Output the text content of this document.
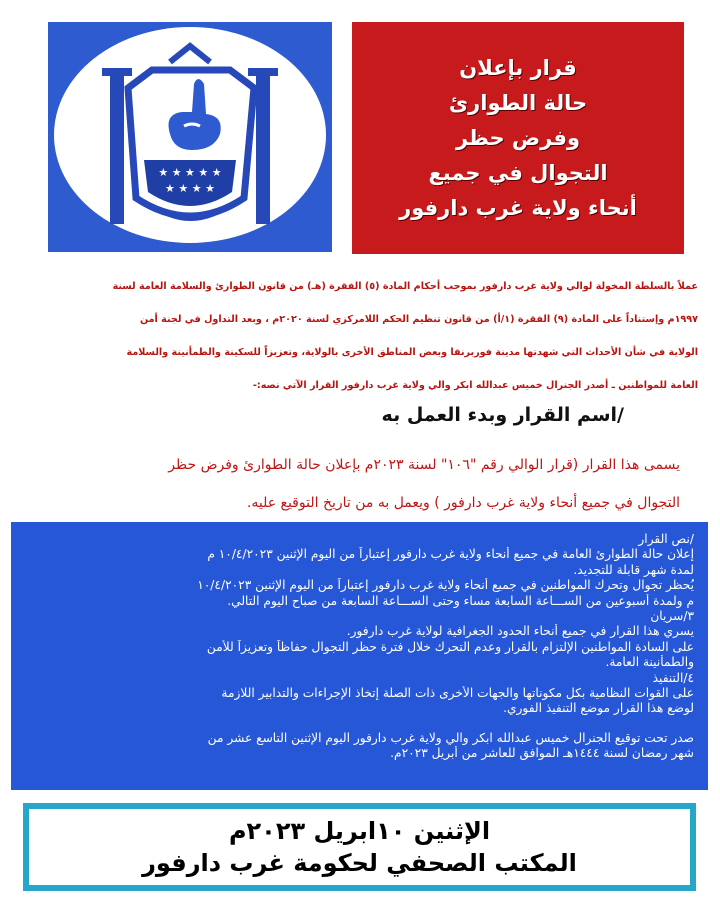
★ ★ ★ ★ ★
★ ★ ★ ★
قرار بإعلان
حالة الطوارئ
وفرض حظر
التجوال في جميع
أنحاء ولاية غرب دارفور
عملاً بالسلطة المخولة لوالي ولاية غرب دارفور بموجب أحكام المادة (٥) الفقرة (هـ) من قانون الطوارئ والسلامة العامة لسنة
١٩٩٧م وإستناداً على المادة (٩) الفقرة (١/أ) من قانون تنظيم الحكم اللامركزي لسنة ٢٠٢٠م ، وبعد التداول في لجنة أمن
الولاية في شأن الأحداث التي شهدتها مدينة فوربرنقا وبعض المناطق الأخرى بالولاية، وتعزيزاً للسكينة والطمأنينة والسلامة
العامة للمواطنين ـ أصدر الجنرال خميس عبدالله ابكر والي ولاية غرب دارفور القرار الآتي نصه:-
/اسم القرار وبدء العمل به
يسمى هذا القرار (قرار الوالي رقم "١٠٦" لسنة ٢٠٢٣م بإعلان حالة الطوارئ وفرض حظر
التجوال في جميع أنحاء ولاية غرب دارفور ) ويعمل به من تاريخ التوقيع عليه.
/نص القرار
إعلان حالة الطوارئ العامة في جميع أنحاء ولاية غرب دارفور إعتباراً من اليوم الإثنين ١٠/٤/٢٠٢٣ م
لمدة شهر قابلة للتجديد.
يُحظر تجوال وتحرك المواطنين في جميع أنحاء ولاية غرب دارفور إعتباراً من اليوم الإثنين ١٠/٤/٢٠٢٣
م ولمدة أسبوعين من الســـاعة السابعة مساء وحتى الســـاعة السابعة من صباح اليوم التالي.
٣/سريان
يسري هذا القرار في جميع أنحاء الحدود الجغرافية لولاية غرب دارفور.
على السادة المواطنين الإلتزام بالقرار وعدم التحرك خلال فترة حظر التجوال حفاظاً وتعزيزاً للأمن
والطمأنينة العامة.
٤/التنفيذ
على القوات النظامية بكل مكوناتها والجهات الأخرى ذات الصلة إتخاذ الإجراءات والتدابير اللازمة
لوضع هذا القرار موضع التنفيذ الفوري.
صدر تحت توقيع الجنرال خميس عبدالله ابكر والي ولاية غرب دارفور اليوم الإثنين التاسع عشر من
شهر رمضان لسنة ١٤٤٤هـ الموافق للعاشر من أبريل ٢٠٢٣م.
الإثنين ١٠ابريل ٢٠٢٣م
المكتب الصحفي لحكومة غرب دارفور
